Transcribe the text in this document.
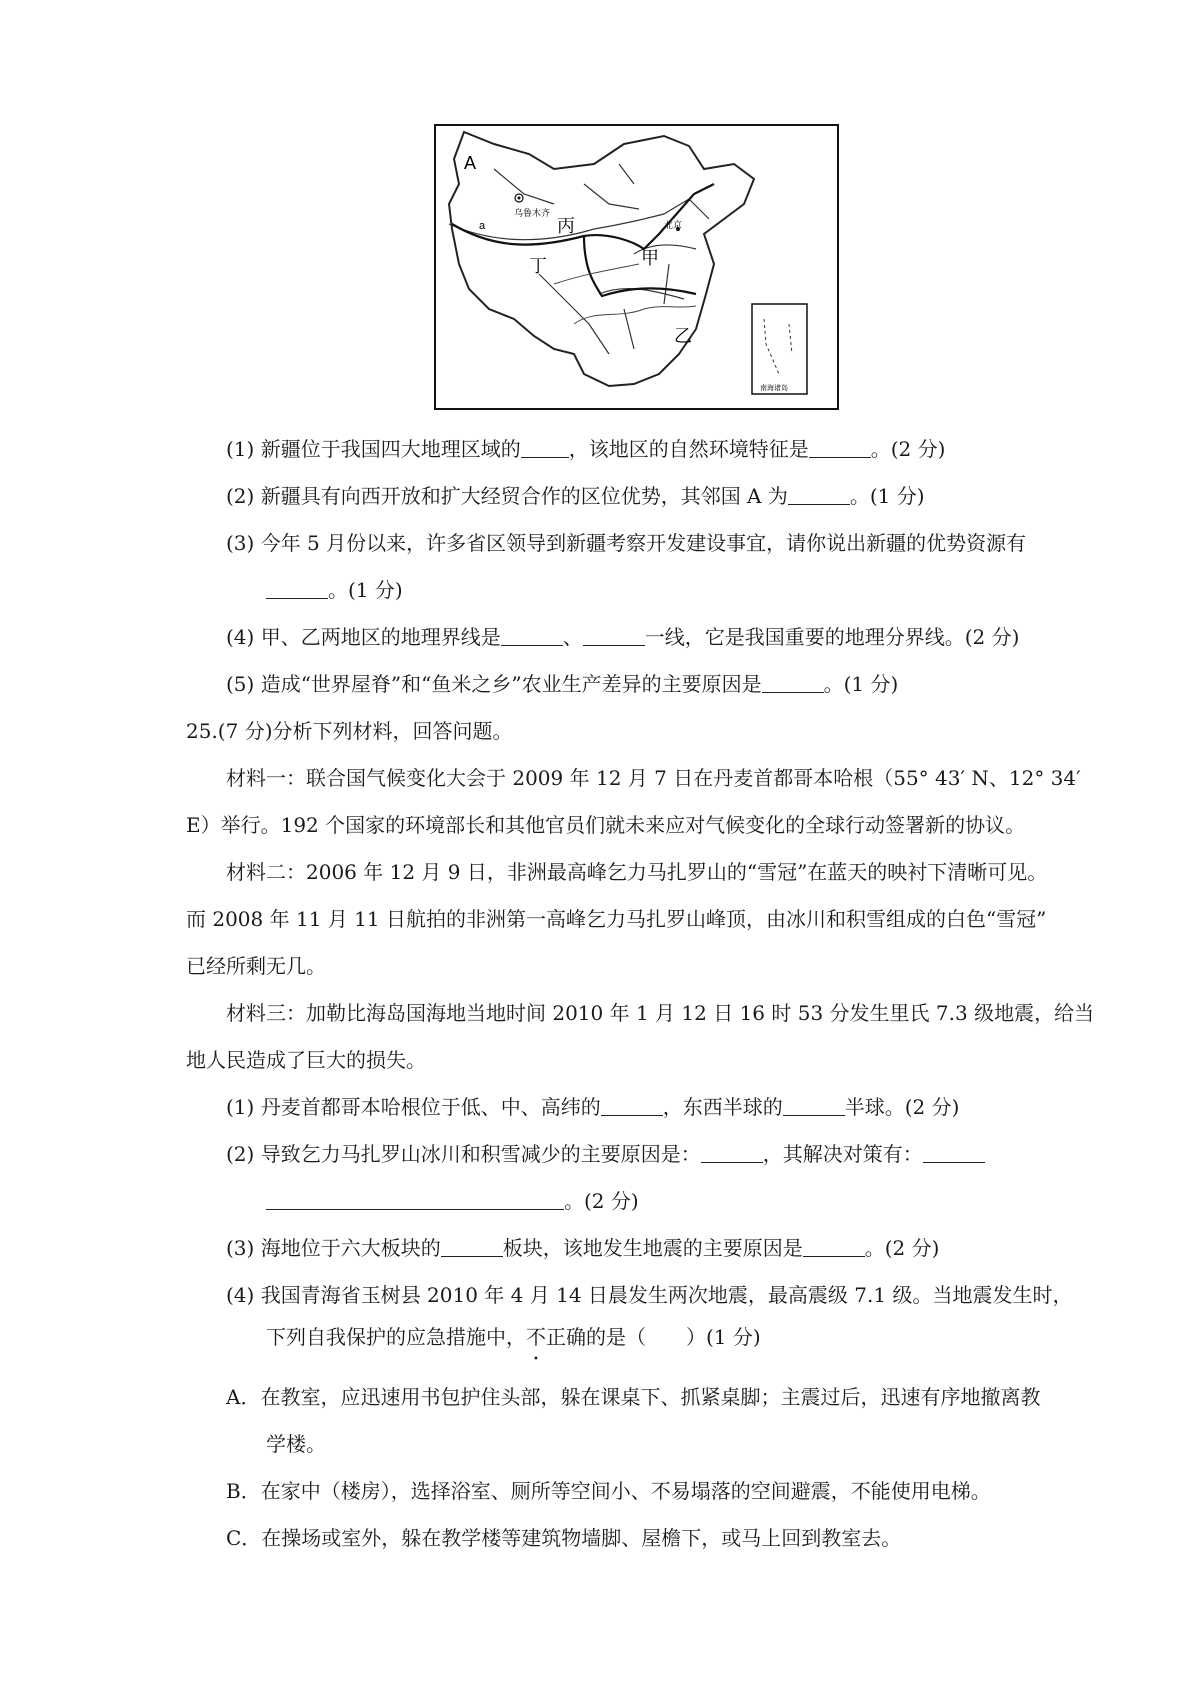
A
a
乌鲁木齐
北京
丙
丁	甲
乙
南海诸岛
(1) 新疆位于我国四大地理区域的 ，该地区的自然环境特征是	。(2 分)
(2) 新疆具有向西开放和扩大经贸合作的区位优势，其邻国 A 为	。(1 分)
(3) 今年 5 月份以来，许多省区领导到新疆考察开发建设事宜，请你说出新疆的优势资源有
。(1 分)
(4) 甲、乙两地区的地理界线是	、	一线，它是我国重要的地理分界线。(2 分)
(5) 造成“世界屋脊”和“鱼米之乡”农业生产差异的主要原因是	。(1 分)
25.(7 分)分析下列材料，回答问题。
材料一：联合国气候变化大会于 2009 年 12 月 7 日在丹麦首都哥本哈根（55° 43′ N、12° 34′
E）举行。192 个国家的环境部长和其他官员们就未来应对气候变化的全球行动签署新的协议。
材料二：2006 年 12 月 9 日，非洲最高峰乞力马扎罗山的“雪冠”在蓝天的映衬下清晰可见。
而 2008 年 11 月 11 日航拍的非洲第一高峰乞力马扎罗山峰顶，由冰川和积雪组成的白色“雪冠”
已经所剩无几。
材料三：加勒比海岛国海地当地时间 2010 年 1 月 12 日 16 时 53 分发生里氏 7.3 级地震，给当
地人民造成了巨大的损失。
(1) 丹麦首都哥本哈根位于低、中、高纬的	，东西半球的	半球。(2 分)
(2) 导致乞力马扎罗山冰川和积雪减少的主要原因是：	，其解决对策有：
。(2 分)
(3) 海地位于六大板块的	板块，该地发生地震的主要原因是	。(2 分)
(4) 我国青海省玉树县 2010 年 4 月 14 日晨发生两次地震，最高震级 7.1 级。当地震发生时，
下列自我保护的应急措施中，不正确的是（ ）(1 分)
A．在教室，应迅速用书包护住头部，躲在课桌下、抓紧桌脚；主震过后，迅速有序地撤离教
学楼。
B．在家中（楼房），选择浴室、厕所等空间小、不易塌落的空间避震，不能使用电梯。
C．在操场或室外，躲在教学楼等建筑物墙脚、屋檐下，或马上回到教室去。
